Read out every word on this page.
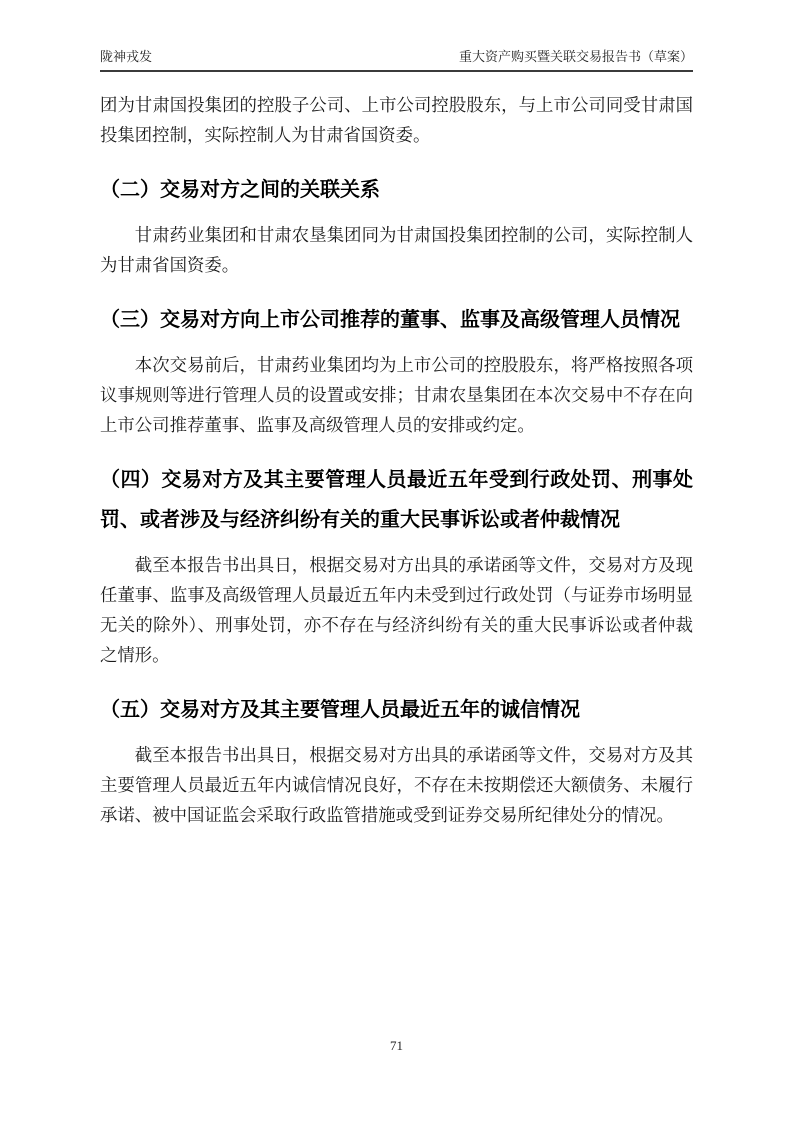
陇神戎发	重大资产购买暨关联交易报告书（草案）

团为甘肃国投集团的控股子公司、上市公司控股股东，与上市公司同受甘肃国投集团控制，实际控制人为甘肃省国资委。

（二）交易对方之间的关联关系

甘肃药业集团和甘肃农垦集团同为甘肃国投集团控制的公司，实际控制人为甘肃省国资委。

（三）交易对方向上市公司推荐的董事、监事及高级管理人员情况

本次交易前后，甘肃药业集团均为上市公司的控股股东，将严格按照各项议事规则等进行管理人员的设置或安排；甘肃农垦集团在本次交易中不存在向上市公司推荐董事、监事及高级管理人员的安排或约定。

（四）交易对方及其主要管理人员最近五年受到行政处罚、刑事处罚、或者涉及与经济纠纷有关的重大民事诉讼或者仲裁情况

截至本报告书出具日，根据交易对方出具的承诺函等文件，交易对方及现任董事、监事及高级管理人员最近五年内未受到过行政处罚（与证券市场明显无关的除外）、刑事处罚，亦不存在与经济纠纷有关的重大民事诉讼或者仲裁之情形。

（五）交易对方及其主要管理人员最近五年的诚信情况

截至本报告书出具日，根据交易对方出具的承诺函等文件，交易对方及其主要管理人员最近五年内诚信情况良好，不存在未按期偿还大额债务、未履行承诺、被中国证监会采取行政监管措施或受到证券交易所纪律处分的情况。

71
